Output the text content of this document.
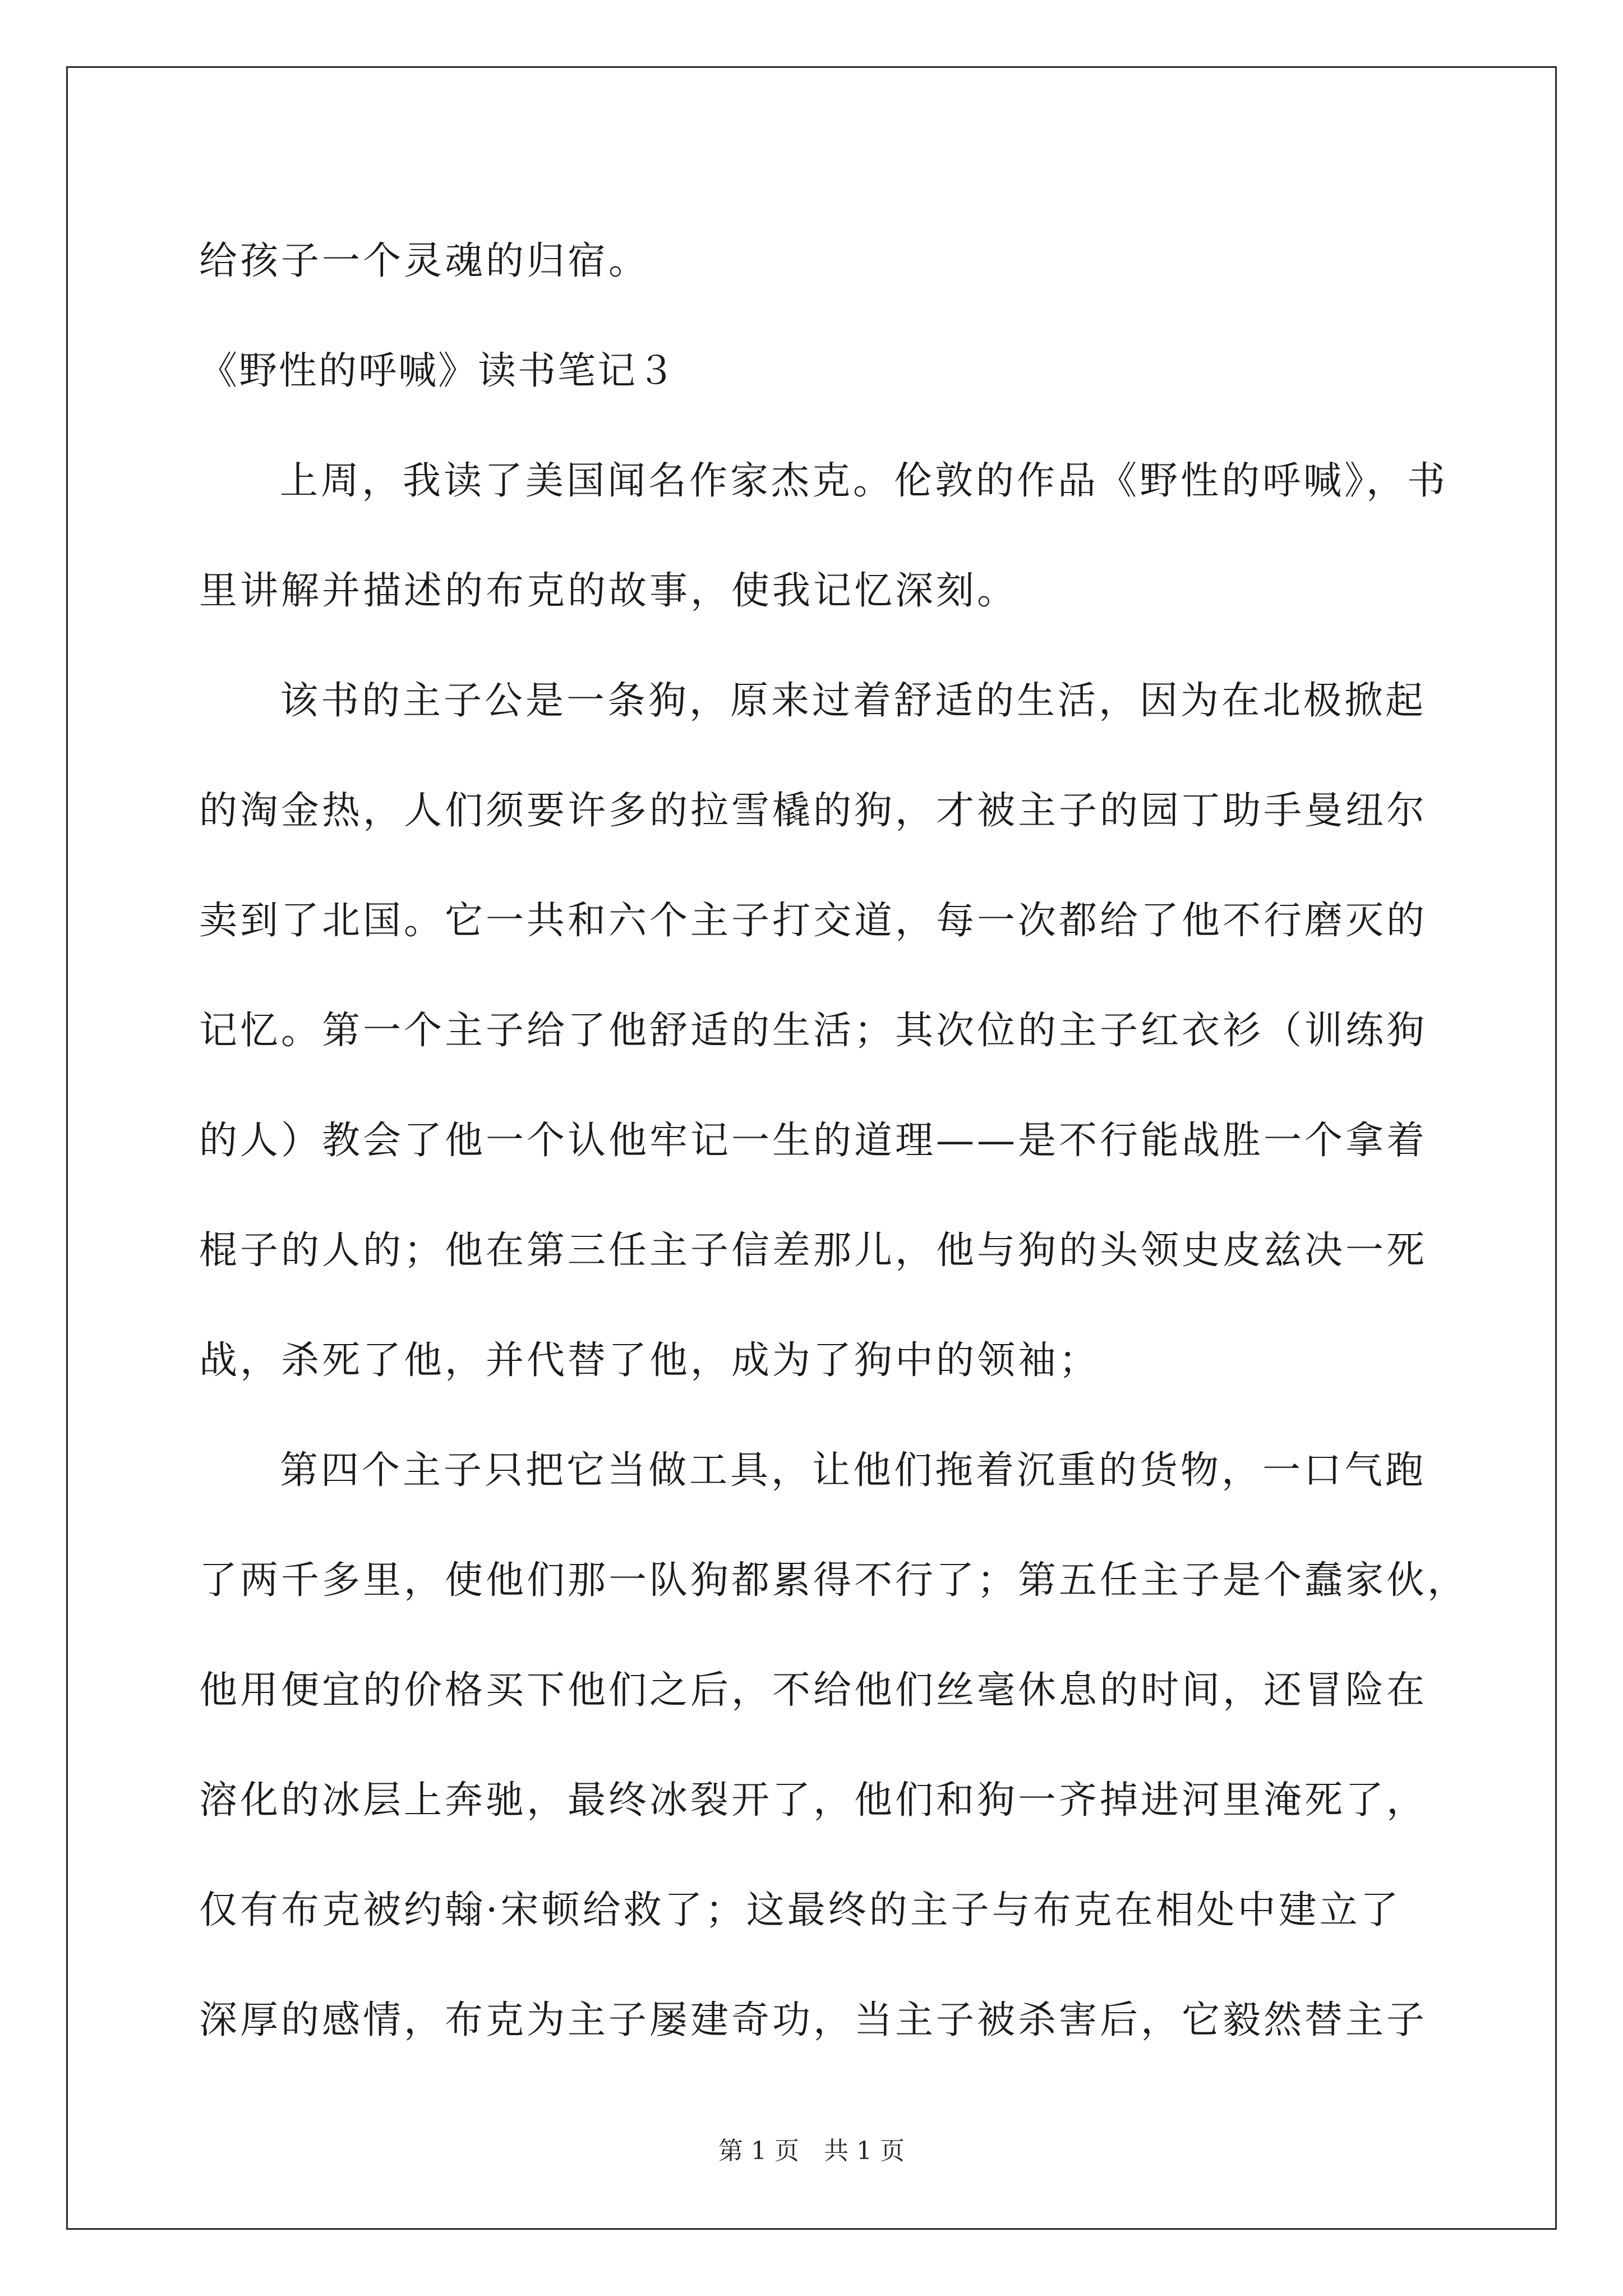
给孩子一个灵魂的归宿。
《野性的呼喊》读书笔记３
上周，我读了美国闻名作家杰克。伦敦的作品《野性的呼喊》，书
里讲解并描述的布克的故事，使我记忆深刻。
该书的主子公是一条狗，原来过着舒适的生活，因为在北极掀起
的淘金热，人们须要许多的拉雪橇的狗，才被主子的园丁助手曼纽尔
卖到了北国。它一共和六个主子打交道，每一次都给了他不行磨灭的
记忆。第一个主子给了他舒适的生活；其次位的主子红衣衫（训练狗
的人）教会了他一个认他牢记一生的道理——是不行能战胜一个拿着
棍子的人的；他在第三任主子信差那儿，他与狗的头领史皮兹决一死
战，杀死了他，并代替了他，成为了狗中的领袖；
第四个主子只把它当做工具，让他们拖着沉重的货物，一口气跑
了两千多里，使他们那一队狗都累得不行了；第五任主子是个蠢家伙，
他用便宜的价格买下他们之后，不给他们丝毫休息的时间，还冒险在
溶化的冰层上奔驰，最终冰裂开了，他们和狗一齐掉进河里淹死了，
仅有布克被约翰·宋顿给救了；这最终的主子与布克在相处中建立了
深厚的感情，布克为主子屡建奇功，当主子被杀害后，它毅然替主子
第 1 页　共 1 页
